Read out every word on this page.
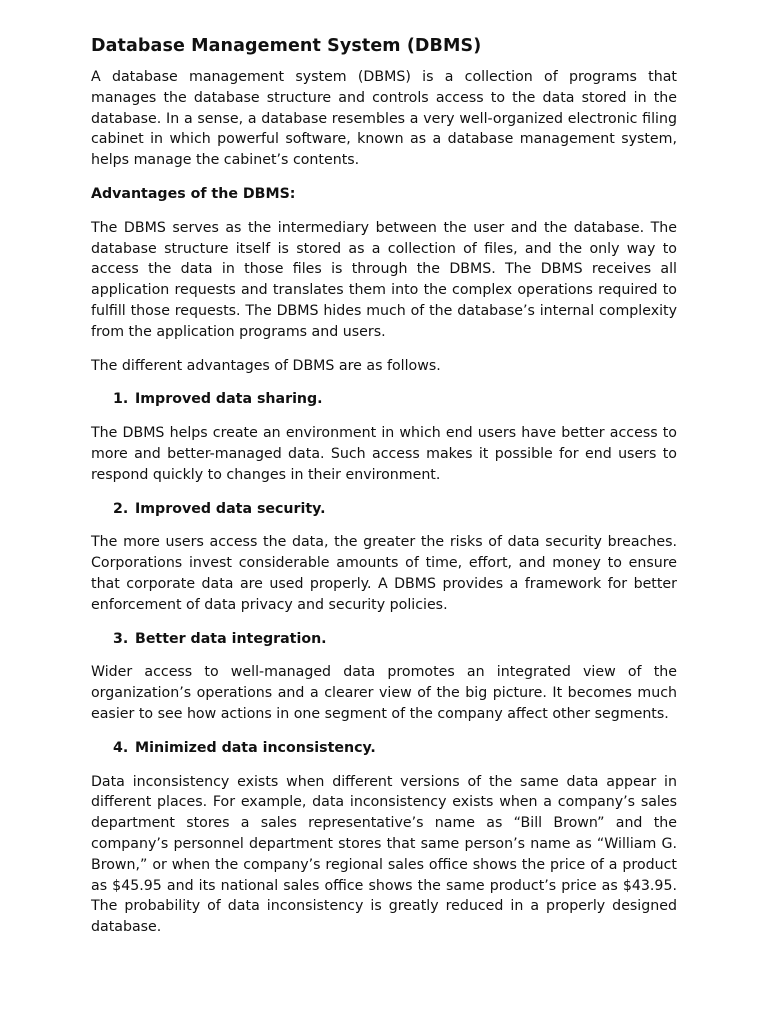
Database Management System (DBMS)
A database management system (DBMS) is a collection of programs that manages the database structure and controls access to the data stored in the database. In a sense, a database resembles a very well-organized electronic filing cabinet in which powerful software, known as a database management system, helps manage the cabinet’s contents.
Advantages of the DBMS:
The DBMS serves as the intermediary between the user and the database. The database structure itself is stored as a collection of files, and the only way to access the data in those files is through the DBMS. The DBMS receives all application requests and translates them into the complex operations required to fulfill those requests. The DBMS hides much of the database’s internal complexity from the application programs and users.
The different advantages of DBMS are as follows.
1. Improved data sharing.
The DBMS helps create an environment in which end users have better access to more and better-managed data. Such access makes it possible for end users to respond quickly to changes in their environment.
2. Improved data security.
The more users access the data, the greater the risks of data security breaches. Corporations invest considerable amounts of time, effort, and money to ensure that corporate data are used properly. A DBMS provides a framework for better enforcement of data privacy and security policies.
3. Better data integration.
Wider access to well-managed data promotes an integrated view of the organization’s operations and a clearer view of the big picture. It becomes much easier to see how actions in one segment of the company affect other segments.
4. Minimized data inconsistency.
Data inconsistency exists when different versions of the same data appear in different places. For example, data inconsistency exists when a company’s sales department stores a sales representative’s name as “Bill Brown” and the company’s personnel department stores that same person’s name as “William G. Brown,” or when the company’s regional sales office shows the price of a product as $45.95 and its national sales office shows the same product’s price as $43.95. The probability of data inconsistency is greatly reduced in a properly designed database.
